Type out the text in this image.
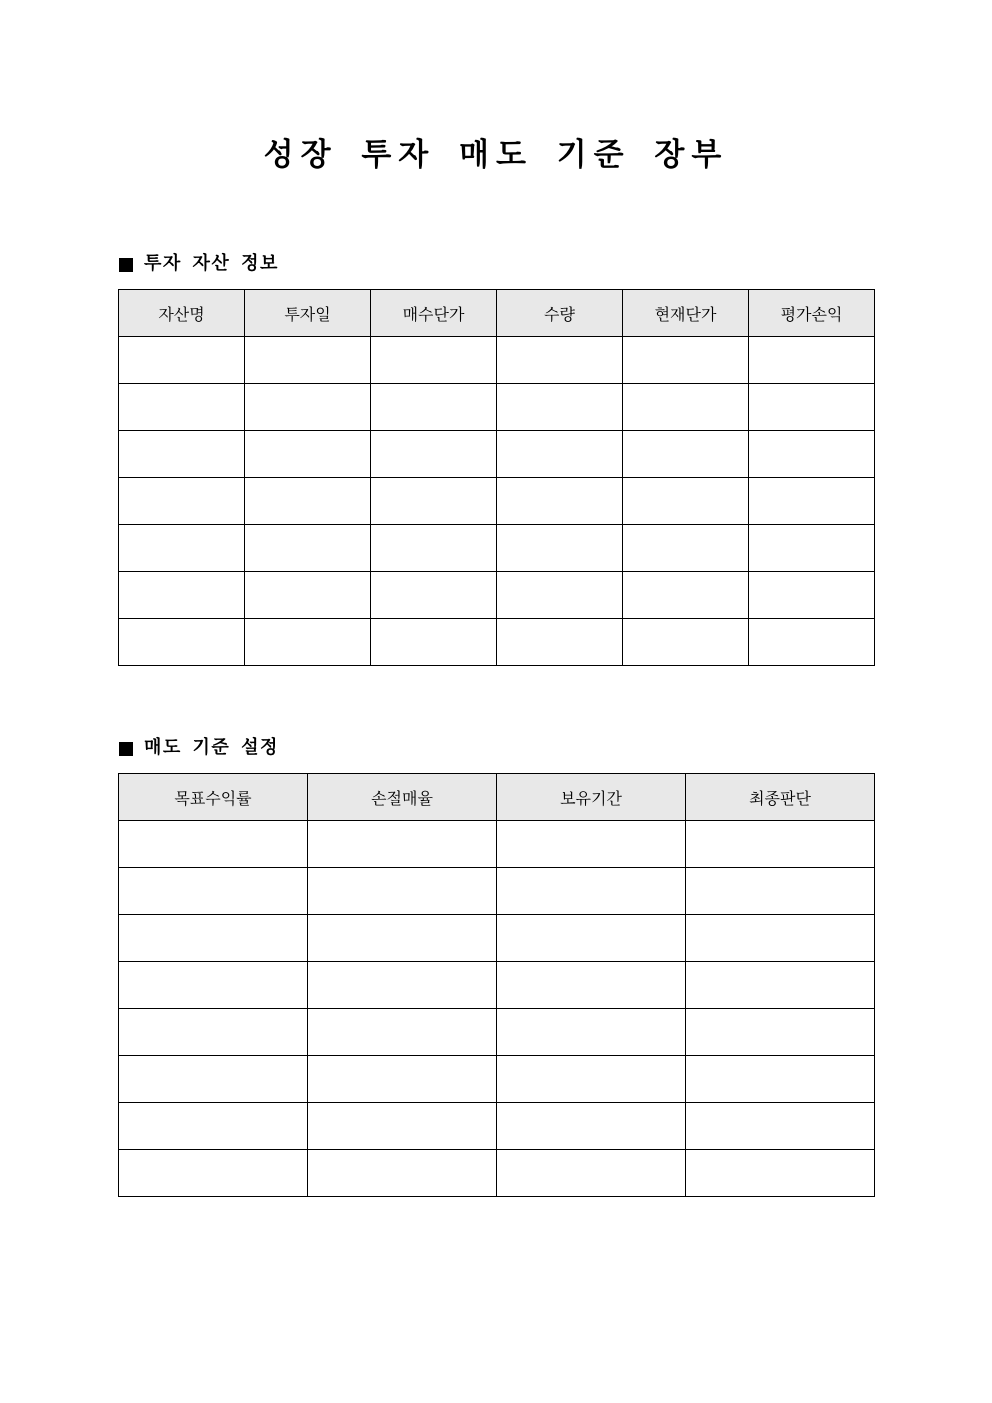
성장 투자 매도 기준 장부
투자 자산 정보
자산명	투자일	매수단가	수량	현재단가	평가손익

매도 기준 설정
목표수익률	손절매율	보유기간	최종판단
